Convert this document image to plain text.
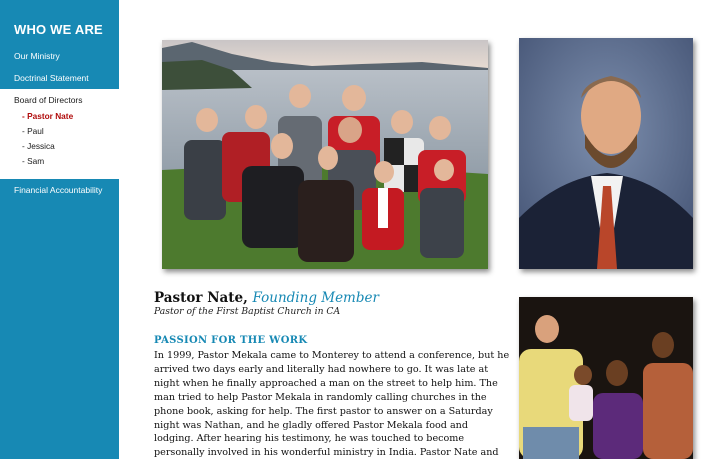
WHO WE ARE
Our Ministry
Doctrinal Statement
Board of Directors
- Pastor Nate
- Paul
- Jessica
- Sam
Financial Accountability
Pastor Nate, Founding Member
Pastor of the First Baptist Church in CA
PASSION FOR THE WORK
In 1999, Pastor Mekala came to Monterey to attend a conference, but he
arrived two days early and literally had nowhere to go. It was late at
night when he finally approached a man on the street to help him. The
man tried to help Pastor Mekala in randomly calling churches in the
phone book, asking for help. The first pastor to answer on a Saturday
night was Nathan, and he gladly offered Pastor Mekala food and
lodging. After hearing his testimony, he was touched to become
personally involved in his wonderful ministry in India. Pastor Nate and
